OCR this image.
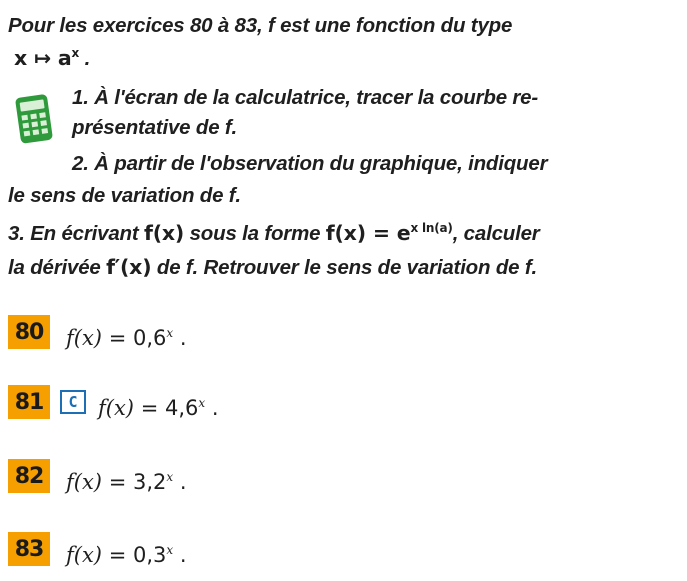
Pour les exercices 80 à 83, f est une fonction du type
x ↦ $a^x$ .
1. À l'écran de la calculatrice, tracer la courbe re-
présentative de f.
2. À partir de l'observation du graphique, indiquer
le sens de variation de f.
3. En écrivant f(x) sous la forme $f(x) = e^{x ln(a)}$, calculer
la dérivée f′(x) de f. Retrouver le sens de variation de f.
80	$f(x) = 0,6^x$ .
81	C $f(x) = 4,6^x$ .
82	$f(x) = 3,2^x$ .
83	$f(x) = 0,3^x$ .
